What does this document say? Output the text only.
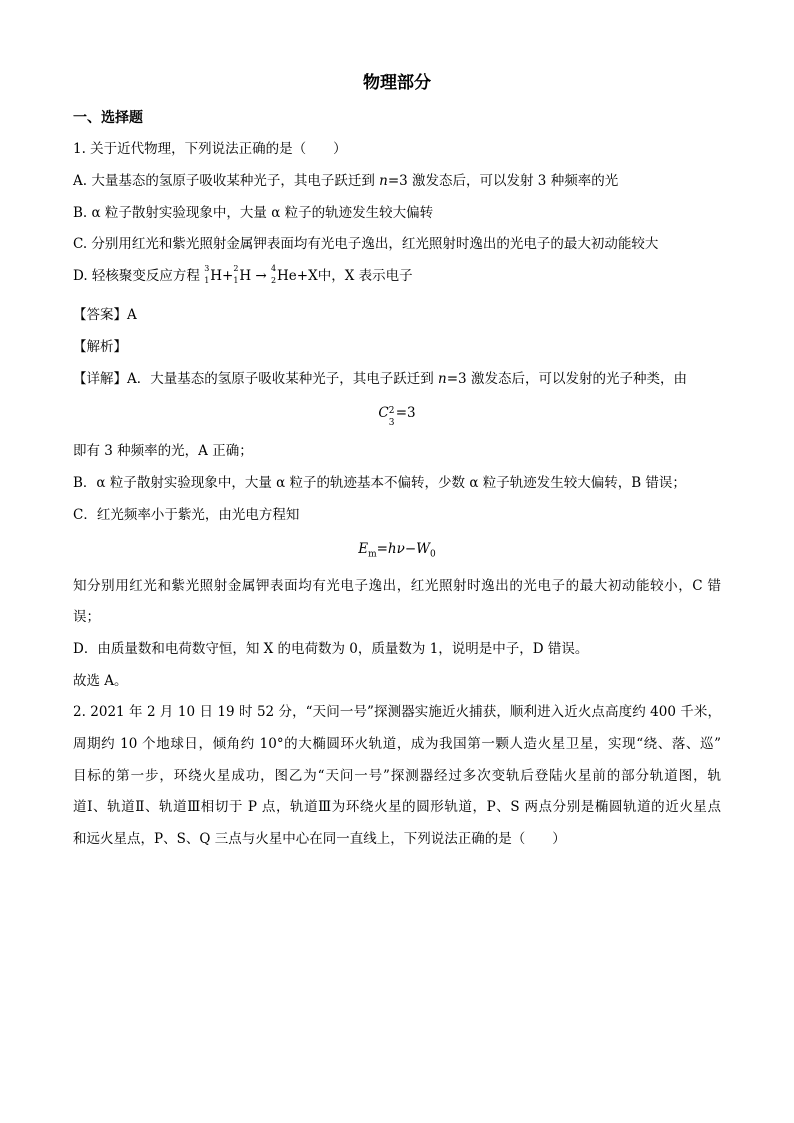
物理部分
一、选择题
1. 关于近代物理，下列说法正确的是（　　）
A. 大量基态的氢原子吸收某种光子，其电子跃迁到 n=3 激发态后，可以发射 3 种频率的光
B. α 粒子散射实验现象中，大量 α 粒子的轨迹发生较大偏转
C. 分别用红光和紫光照射金属钾表面均有光电子逸出，红光照射时逸出的光电子的最大初动能较大
D. 轻核聚变反应方程 3
1 H+ 2
1 H → 4
2 He+X中，X 表示电子
【答案】A
【解析】
【详解】A．大量基态的氢原子吸收某种光子，其电子跃迁到 n=3 激发态后，可以发射的光子种类，由
C 2
3
=3
即有 3 种频率的光，A 正确；
B．α 粒子散射实验现象中，大量 α 粒子的轨迹基本不偏转，少数 α 粒子轨迹发生较大偏转，B 错误；
C．红光频率小于紫光，由光电方程知
$E_m=h\nu-W_0$
知分别用红光和紫光照射金属钾表面均有光电子逸出，红光照射时逸出的光电子的最大初动能较小，C 错
误；
D．由质量数和电荷数守恒，知 X 的电荷数为 0，质量数为 1，说明是中子，D 错误。
故选 A。
2. 2021 年 2 月 10 日 19 时 52 分，“天问一号”探测器实施近火捕获，顺利进入近火点高度约 400 千米，
周期约 10 个地球日，倾角约 10°的大椭圆环火轨道，成为我国第一颗人造火星卫星，实现“绕、落、巡”
目标的第一步，环绕火星成功，图乙为“天问一号”探测器经过多次变轨后登陆火星前的部分轨道图，轨
道Ⅰ、轨道Ⅱ、轨道Ⅲ相切于 P 点，轨道Ⅲ为环绕火星的圆形轨道，P、S 两点分别是椭圆轨道的近火星点
和远火星点，P、S、Q 三点与火星中心在同一直线上，下列说法正确的是（　　）
